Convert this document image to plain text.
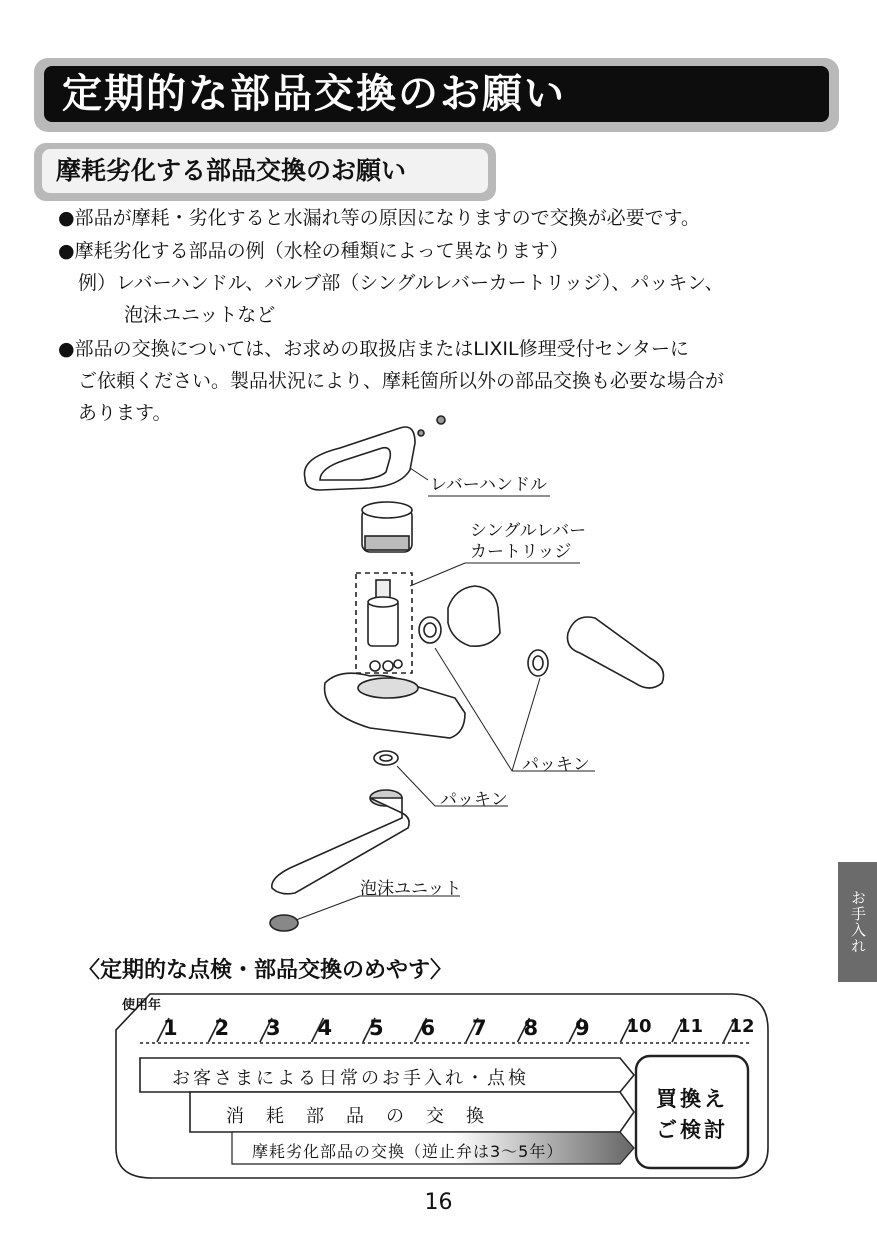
定期的な部品交換のお願い
摩耗劣化する部品交換のお願い
●部品が摩耗・劣化すると水漏れ等の原因になりますので交換が必要です。
●摩耗劣化する部品の例（水栓の種類によって異なります）
例）レバーハンドル、バルブ部（シングルレバーカートリッジ）、パッキン、
泡沫ユニットなど
●部品の交換については、お求めの取扱店またはLIXIL修理受付センターに
ご依頼ください。製品状況により、摩耗箇所以外の部品交換も必要な場合が
あります。
レバーハンドル
シングルレバー
カートリッジ
パッキン
パッキン
泡沫ユニット
お手入れ
〈定期的な点検・部品交換のめやす〉
使用年
1 2 3 4 5 6 7 8 9 10 11 12
お客さまによる日常のお手入れ・点検
消　耗　部　品　の　交　換
摩耗劣化部品の交換（逆止弁は3〜5年）
買換え
ご検討
16
